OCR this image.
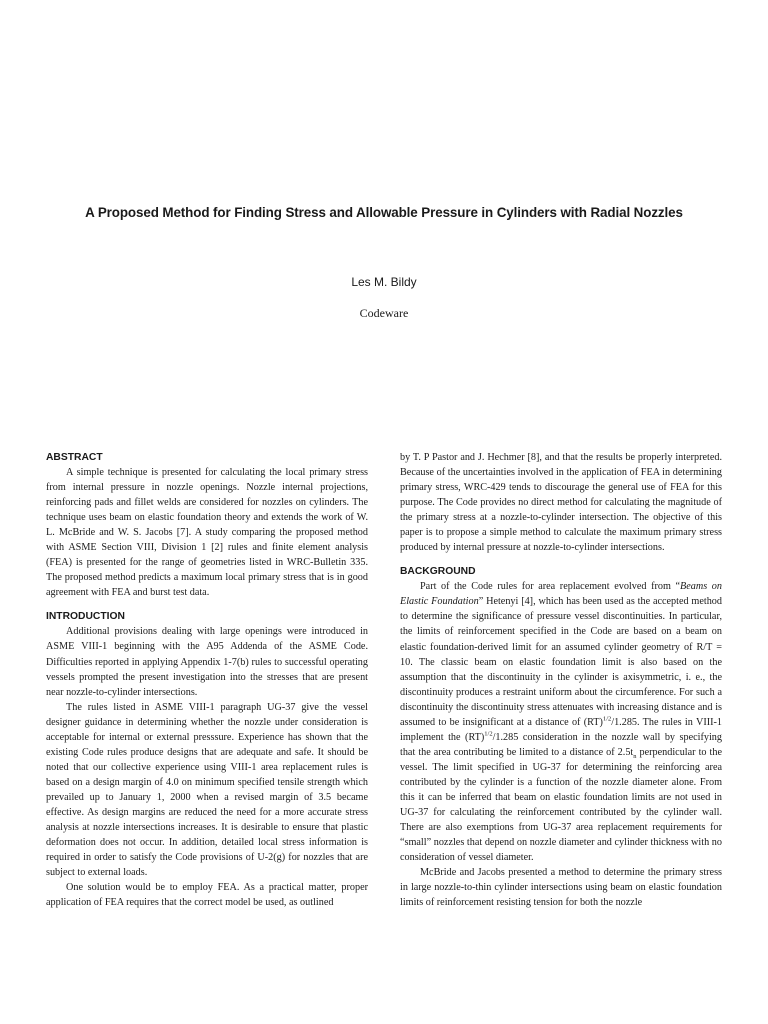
A Proposed Method for Finding Stress and Allowable Pressure in Cylinders with Radial Nozzles
Les M. Bildy
Codeware
ABSTRACT

A simple technique is presented for calculating the local primary stress from internal pressure in nozzle openings. Nozzle internal projections, reinforcing pads and fillet welds are considered for nozzles on cylinders. The technique uses beam on elastic foundation theory and extends the work of W. L. McBride and W. S. Jacobs [7]. A study comparing the proposed method with ASME Section VIII, Division 1 [2] rules and finite element analysis (FEA) is presented for the range of geometries listed in WRC-Bulletin 335. The proposed method predicts a maximum local primary stress that is in good agreement with FEA and burst test data.

INTRODUCTION

Additional provisions dealing with large openings were introduced in ASME VIII-1 beginning with the A95 Addenda of the ASME Code. Difficulties reported in applying Appendix 1-7(b) rules to successful operating vessels prompted the present investigation into the stresses that are present near nozzle-to-cylinder intersections.

The rules listed in ASME VIII-1 paragraph UG-37 give the vessel designer guidance in determining whether the nozzle under consideration is acceptable for internal or external presssure. Experience has shown that the existing Code rules produce designs that are adequate and safe. It should be noted that our collective experience using VIII-1 area replacement rules is based on a design margin of 4.0 on minimum specified tensile strength which prevailed up to January 1, 2000 when a revised margin of 3.5 became effective. As design margins are reduced the need for a more accurate stress analysis at nozzle intersections increases. It is desirable to ensure that plastic deformation does not occur. In addition, detailed local stress information is required in order to satisfy the Code provisions of U-2(g) for nozzles that are subject to external loads.

One solution would be to employ FEA. As a practical matter, proper application of FEA requires that the correct model be used, as outlined

by T. P Pastor and J. Hechmer [8], and that the results be properly interpreted. Because of the uncertainties involved in the application of FEA in determining primary stress, WRC-429 tends to discourage the general use of FEA for this purpose. The Code provides no direct method for calculating the magnitude of the primary stress at a nozzle-to-cylinder intersection. The objective of this paper is to propose a simple method to calculate the maximum primary stress produced by internal pressure at nozzle-to-cylinder intersections.

BACKGROUND

Part of the Code rules for area replacement evolved from “Beams on Elastic Foundation” Hetenyi [4], which has been used as the accepted method to determine the significance of pressure vessel discontinuities. In particular, the limits of reinforcement specified in the Code are based on a beam on elastic foundation-derived limit for an assumed cylinder geometry of R/T = 10. The classic beam on elastic foundation limit is also based on the assumption that the discontinuity in the cylinder is axisymmetric, i. e., the discontinuity produces a restraint uniform about the circumference. For such a discontinuity the discontinuity stress attenuates with increasing distance and is assumed to be insignificant at a distance of (RT)$^{1/2}$/1.285. The rules in VIII-1 implement the (RT)$^{1/2}$/1.285 consideration in the nozzle wall by specifying that the area contributing be limited to a distance of $2.5t_n$ perpendicular to the vessel. The limit specified in UG-37 for determining the reinforcing area contributed by the cylinder is a function of the nozzle diameter alone. From this it can be inferred that beam on elastic foundation limits are not used in UG-37 for calculating the reinforcement contributed by the cylinder wall. There are also exemptions from UG-37 area replacement requirements for “small” nozzles that depend on nozzle diameter and cylinder thickness with no consideration of vessel diameter.

McBride and Jacobs presented a method to determine the primary stress in large nozzle-to-thin cylinder intersections using beam on elastic foundation limits of reinforcement resisting tension for both the nozzle
